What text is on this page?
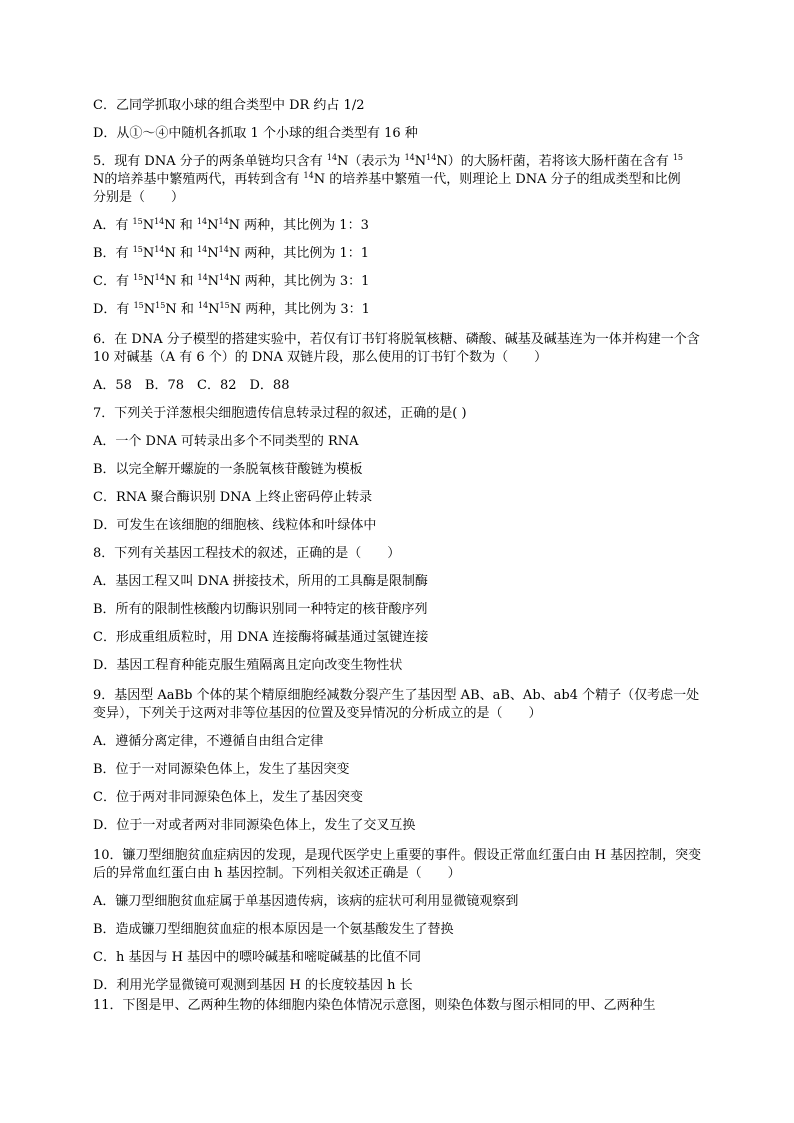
C．乙同学抓取小球的组合类型中 DR 约占 1/2
D．从①～④中随机各抓取 1 个小球的组合类型有 16 种
5．现有 DNA 分子的两条单链均只含有 $^{14}$N（表示为 $^{14}N^{14}N$）的大肠杆菌，若将该大肠杆菌在含有 $^{15}$
N的培养基中繁殖两代，再转到含有 $^{14}$N 的培养基中繁殖一代，则理论上 DNA 分子的组成类型和比例
分别是（　　）
A．有 $^{15}N^{14}N$ 和 $^{14}N^{14}N$ 两种，其比例为 1：3
B．有 $^{15}N^{14}N$ 和 $^{14}N^{14}N$ 两种，其比例为 1：1
C．有 $^{15}N^{14}N$ 和 $^{14}N^{14}N$ 两种，其比例为 3：1
D．有 $^{15}N^{15}N$ 和 $^{14}N^{15}N$ 两种，其比例为 3：1
6．在 DNA 分子模型的搭建实验中，若仅有订书钉将脱氧核糖、磷酸、碱基及碱基连为一体并构建一个含 10 对碱基（A 有 6 个）的 DNA 双链片段，那么使用的订书钉个数为（　　）
A．58　B．78　C．82　D．88
7．下列关于洋葱根尖细胞遗传信息转录过程的叙述，正确的是( )
A．一个 DNA 可转录出多个不同类型的 RNA
B．以完全解开螺旋的一条脱氧核苷酸链为模板
C．RNA 聚合酶识别 DNA 上终止密码停止转录
D．可发生在该细胞的细胞核、线粒体和叶绿体中
8．下列有关基因工程技术的叙述，正确的是（　　）
A．基因工程又叫 DNA 拼接技术，所用的工具酶是限制酶
B．所有的限制性核酸内切酶识别同一种特定的核苷酸序列
C．形成重组质粒时，用 DNA 连接酶将碱基通过氢键连接
D．基因工程育种能克服生殖隔离且定向改变生物性状
9．基因型 AaBb 个体的某个精原细胞经减数分裂产生了基因型 AB、aB、Ab、ab4 个精子（仅考虑一处变异），下列关于这两对非等位基因的位置及变异情况的分析成立的是（　　）
A．遵循分离定律，不遵循自由组合定律
B．位于一对同源染色体上，发生了基因突变
C．位于两对非同源染色体上，发生了基因突变
D．位于一对或者两对非同源染色体上，发生了交叉互换
10．镰刀型细胞贫血症病因的发现，是现代医学史上重要的事件。假设正常血红蛋白由 H 基因控制，突变后的异常血红蛋白由 h 基因控制。下列相关叙述正确是（　　）
A．镰刀型细胞贫血症属于单基因遗传病，该病的症状可利用显微镜观察到
B．造成镰刀型细胞贫血症的根本原因是一个氨基酸发生了替换
C．h 基因与 H 基因中的嘌呤碱基和嘧啶碱基的比值不同
D．利用光学显微镜可观测到基因 H 的长度较基因 h 长
11．下图是甲、乙两种生物的体细胞内染色体情况示意图，则染色体数与图示相同的甲、乙两种生
